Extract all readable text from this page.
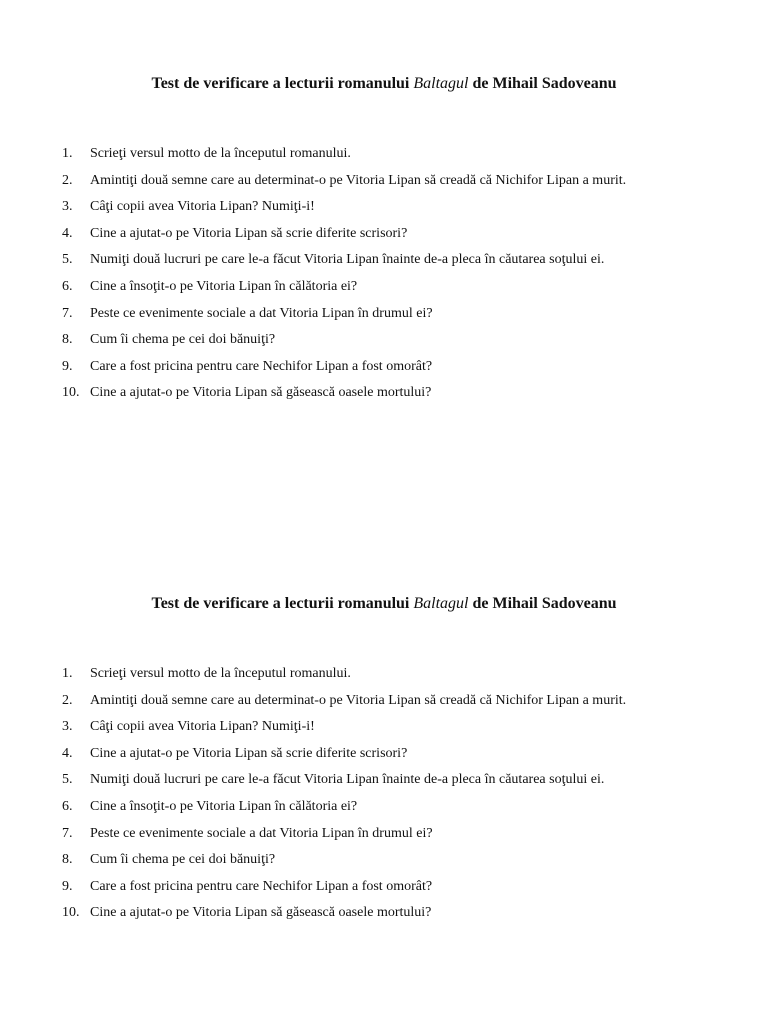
Test de verificare a lecturii romanului Baltagul de Mihail Sadoveanu
1.	Scrieţi versul motto de la începutul romanului.
2.	Amintiţi două semne care au determinat-o pe Vitoria Lipan să creadă că Nichifor Lipan a murit.
3.	Câţi copii avea Vitoria Lipan? Numiţi-i!
4.	Cine a ajutat-o pe Vitoria Lipan să scrie diferite scrisori?
5.	Numiţi două lucruri pe care le-a făcut Vitoria Lipan înainte de-a pleca în căutarea soţului ei.
6.	Cine a însoţit-o pe Vitoria Lipan în călătoria ei?
7.	Peste ce evenimente sociale a dat Vitoria Lipan în drumul ei?
8.	Cum îi chema pe cei doi bănuiţi?
9.	Care a fost pricina pentru care Nechifor Lipan a fost omorât?
10. Cine a ajutat-o pe Vitoria Lipan să găsească oasele mortului?
Test de verificare a lecturii romanului Baltagul de Mihail Sadoveanu
1.	Scrieţi versul motto de la începutul romanului.
2.	Amintiţi două semne care au determinat-o pe Vitoria Lipan să creadă că Nichifor Lipan a murit.
3.	Câţi copii avea Vitoria Lipan? Numiţi-i!
4.	Cine a ajutat-o pe Vitoria Lipan să scrie diferite scrisori?
5.	Numiţi două lucruri pe care le-a făcut Vitoria Lipan înainte de-a pleca în căutarea soţului ei.
6.	Cine a însoţit-o pe Vitoria Lipan în călătoria ei?
7.	Peste ce evenimente sociale a dat Vitoria Lipan în drumul ei?
8.	Cum îi chema pe cei doi bănuiţi?
9.	Care a fost pricina pentru care Nechifor Lipan a fost omorât?
10. Cine a ajutat-o pe Vitoria Lipan să găsească oasele mortului?
